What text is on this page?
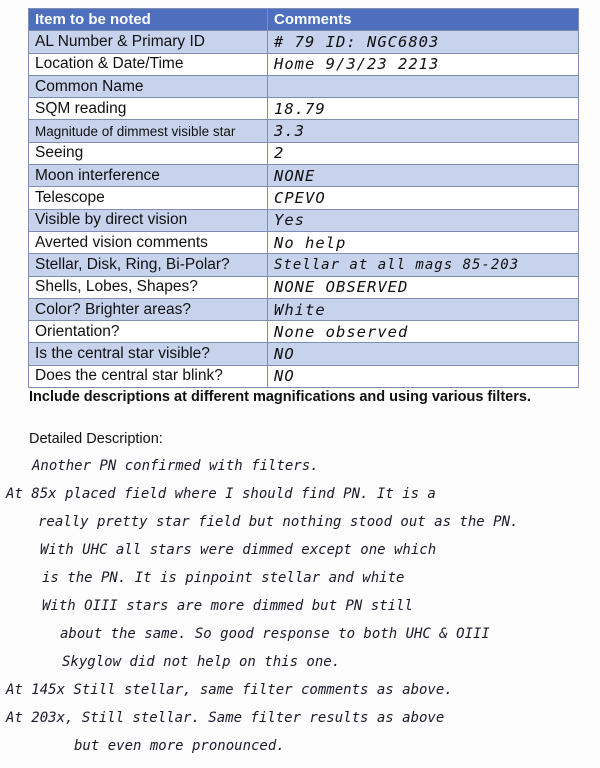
Item to be noted	Comments
AL Number & Primary ID	# 79 ID: NGC6803
Location & Date/Time	Home 9/3/23 2213
Common Name	
SQM reading	18.79
Magnitude of dimmest visible star	3.3
Seeing	2
Moon interference	NONE
Telescope	CPEVO
Visible by direct vision	Yes
Averted vision comments	No help
Stellar, Disk, Ring, Bi-Polar?	Stellar at all mags 85-203
Shells, Lobes, Shapes?	NONE OBSERVED
Color? Brighter areas?	White
Orientation?	None observed
Is the central star visible?	NO
Does the central star blink?	NO
Include descriptions at different magnifications and using various filters.
Detailed Description:
Another PN confirmed with filters.
At 85x placed field where I should find PN. It is a
really pretty star field but nothing stood out as the PN.
With UHC all stars were dimmed except one which
is the PN. It is pinpoint stellar and white
With OIII stars are more dimmed but PN still
about the same. So good response to both UHC & OIII
Skyglow did not help on this one.
At 145x Still stellar, same filter comments as above.
At 203x, Still stellar. Same filter results as above
but even more pronounced.
